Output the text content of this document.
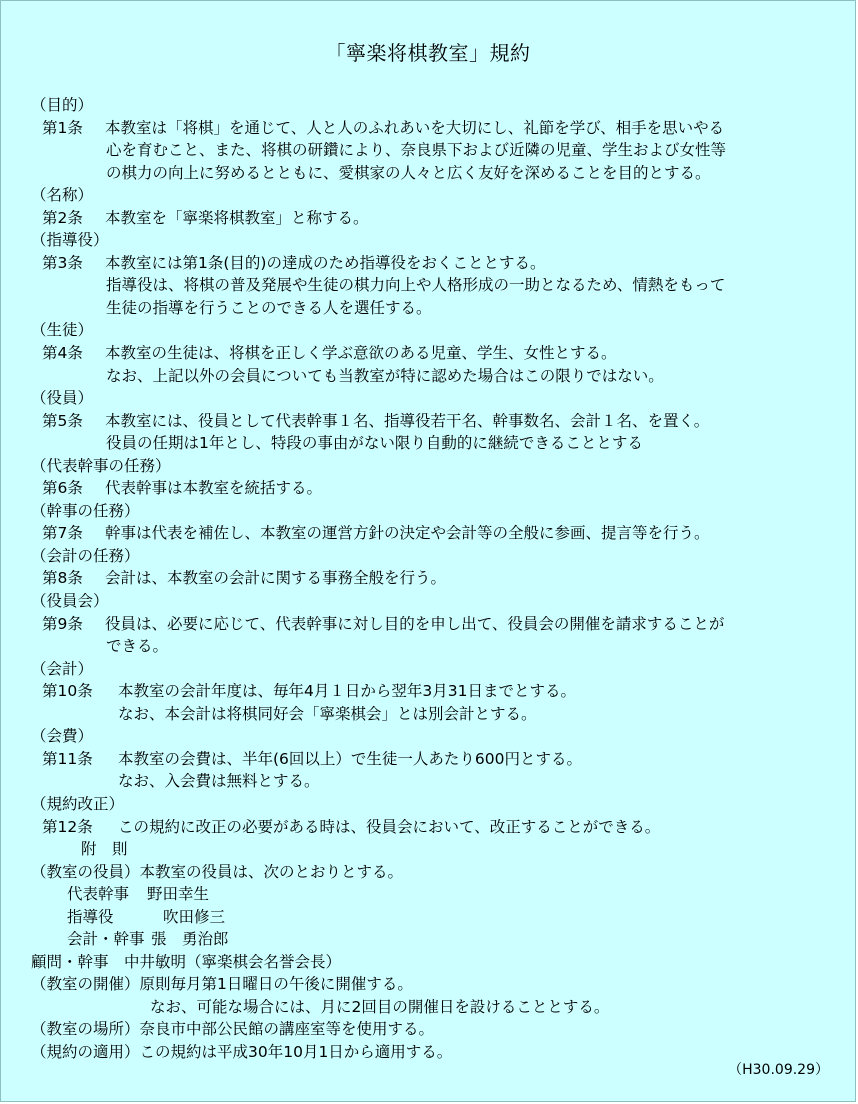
「寧楽将棋教室」規約
（目的）
第1条 本教室は「将棋」を通じて、人と人のふれあいを大切にし、礼節を学び、相手を思いやる
心を育むこと、また、将棋の研鑽により、奈良県下および近隣の児童、学生および女性等
の棋力の向上に努めるとともに、愛棋家の人々と広く友好を深めることを目的とする。
（名称）
第2条 本教室を「寧楽将棋教室」と称する。
（指導役）
第3条 本教室には第1条(目的)の達成のため指導役をおくこととする。
指導役は、将棋の普及発展や生徒の棋力向上や人格形成の一助となるため、情熱をもって
生徒の指導を行うことのできる人を選任する。
（生徒）
第4条 本教室の生徒は、将棋を正しく学ぶ意欲のある児童、学生、女性とする。
なお、上記以外の会員についても当教室が特に認めた場合はこの限りではない。
（役員）
第5条 本教室には、役員として代表幹事１名、指導役若干名、幹事数名、会計１名、を置く。
役員の任期は1年とし、特段の事由がない限り自動的に継続できることとする
（代表幹事の任務）
第6条 代表幹事は本教室を統括する。
（幹事の任務）
第7条 幹事は代表を補佐し、本教室の運営方針の決定や会計等の全般に参画、提言等を行う。
（会計の任務）
第8条 会計は、本教室の会計に関する事務全般を行う。
（役員会）
第9条 役員は、必要に応じて、代表幹事に対し目的を申し出て、役員会の開催を請求することが
できる。
（会計）
第10条 本教室の会計年度は、毎年4月１日から翌年3月31日までとする。
なお、本会計は将棋同好会「寧楽棋会」とは別会計とする。
（会費）
第11条 本教室の会費は、半年(6回以上）で生徒一人あたり600円とする。
なお、入会費は無料とする。
（規約改正）
第12条 この規約に改正の必要がある時は、役員会において、改正することができる。
附　則
（教室の役員）本教室の役員は、次のとおりとする。
代表幹事 野田幸生
指導役	吹田修三
会計・幹事 張　勇治郎
顧問・幹事　 中井敏明（寧楽棋会名誉会長）
（教室の開催）原則毎月第1日曜日の午後に開催する。
なお、可能な場合には、月に2回目の開催日を設けることとする。
（教室の場所）奈良市中部公民館の講座室等を使用する。
（規約の適用）この規約は平成30年10月1日から適用する。
（H30.09.29）
